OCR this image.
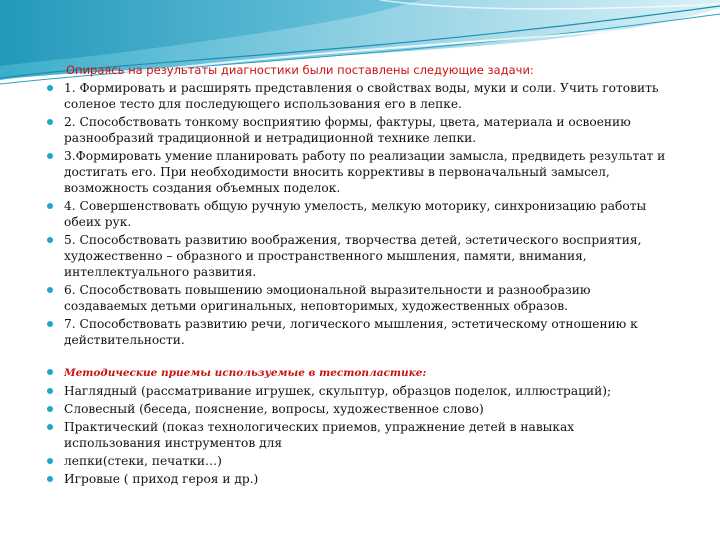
Опираясь на результаты диагностики были поставлены следующие задачи:
1. Формировать и расширять представления о свойствах воды, муки и соли. Учить готовить соленое тесто для последующего использования его в лепке.
2. Способствовать тонкому восприятию формы, фактуры, цвета, материала и освоению разнообразий традиционной и нетрадиционной технике лепки.
3.Формировать умение планировать работу по реализации замысла, предвидеть результат и достигать его. При необходимости вносить коррективы в первоначальный замысел, возможность создания объемных поделок.
4. Совершенствовать общую ручную умелость, мелкую моторику, синхронизацию работы обеих рук.
5. Способствовать развитию воображения, творчества детей, эстетического восприятия, художественно – образного и пространственного мышления, памяти, внимания, интеллектуального развития.
6. Способствовать повышению эмоциональной выразительности и разнообразию создаваемых детьми оригинальных, неповторимых, художественных образов.
7. Способствовать развитию речи, логического мышления, эстетическому отношению к действительности.
Методические приемы используемые в тестопластике:
Наглядный (рассматривание игрушек, скульптур, образцов поделок, иллюстраций);
Словесный (беседа, пояснение, вопросы, художественное слово)
Практический (показ технологических приемов, упражнение детей в навыках использования инструментов для
лепки(стеки, печатки…)
Игровые ( приход героя и др.)
